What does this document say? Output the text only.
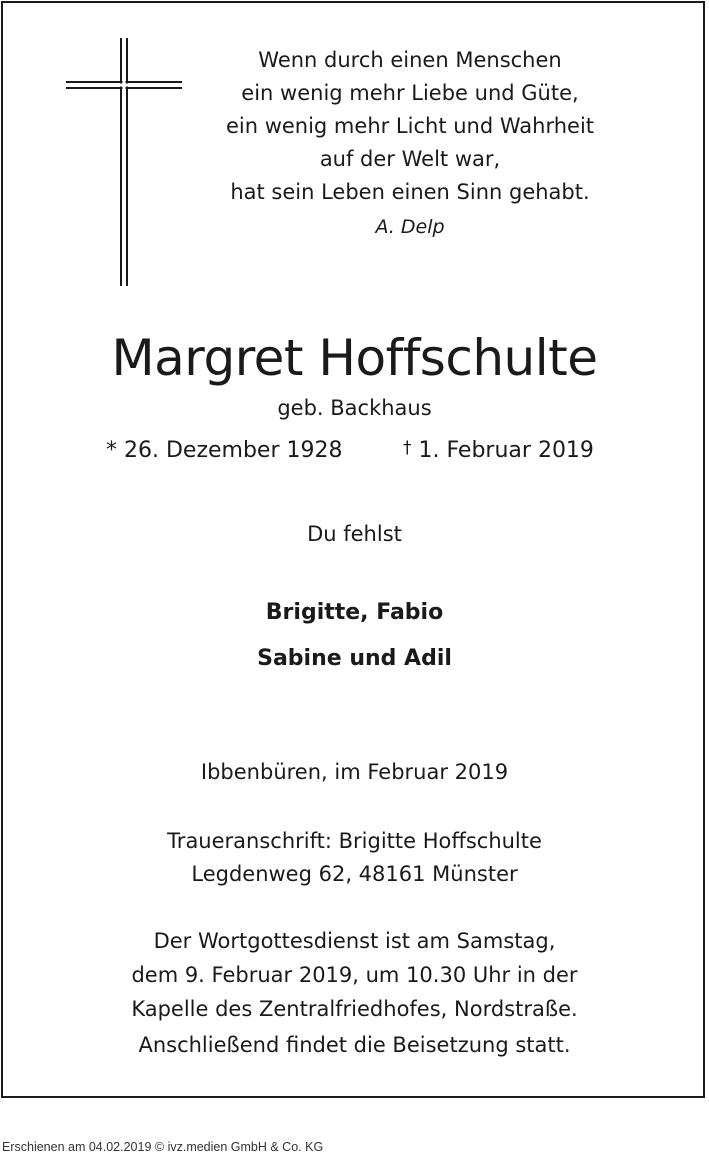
Wenn durch einen Menschen
ein wenig mehr Liebe und Güte,
ein wenig mehr Licht und Wahrheit
auf der Welt war,
hat sein Leben einen Sinn gehabt.
A. Delp
Margret Hoffschulte
geb. Backhaus
* 26. Dezember 1928	† 1. Februar 2019
Du fehlst
Brigitte, Fabio
Sabine und Adil
Ibbenbüren, im Februar 2019
Traueranschrift: Brigitte Hoffschulte
Legdenweg 62, 48161 Münster
Der Wortgottesdienst ist am Samstag,
dem 9. Februar 2019, um 10.30 Uhr in der
Kapelle des Zentralfriedhofes, Nordstraße.
Anschließend findet die Beisetzung statt.
Erschienen am 04.02.2019 © ivz.medien GmbH & Co. KG
